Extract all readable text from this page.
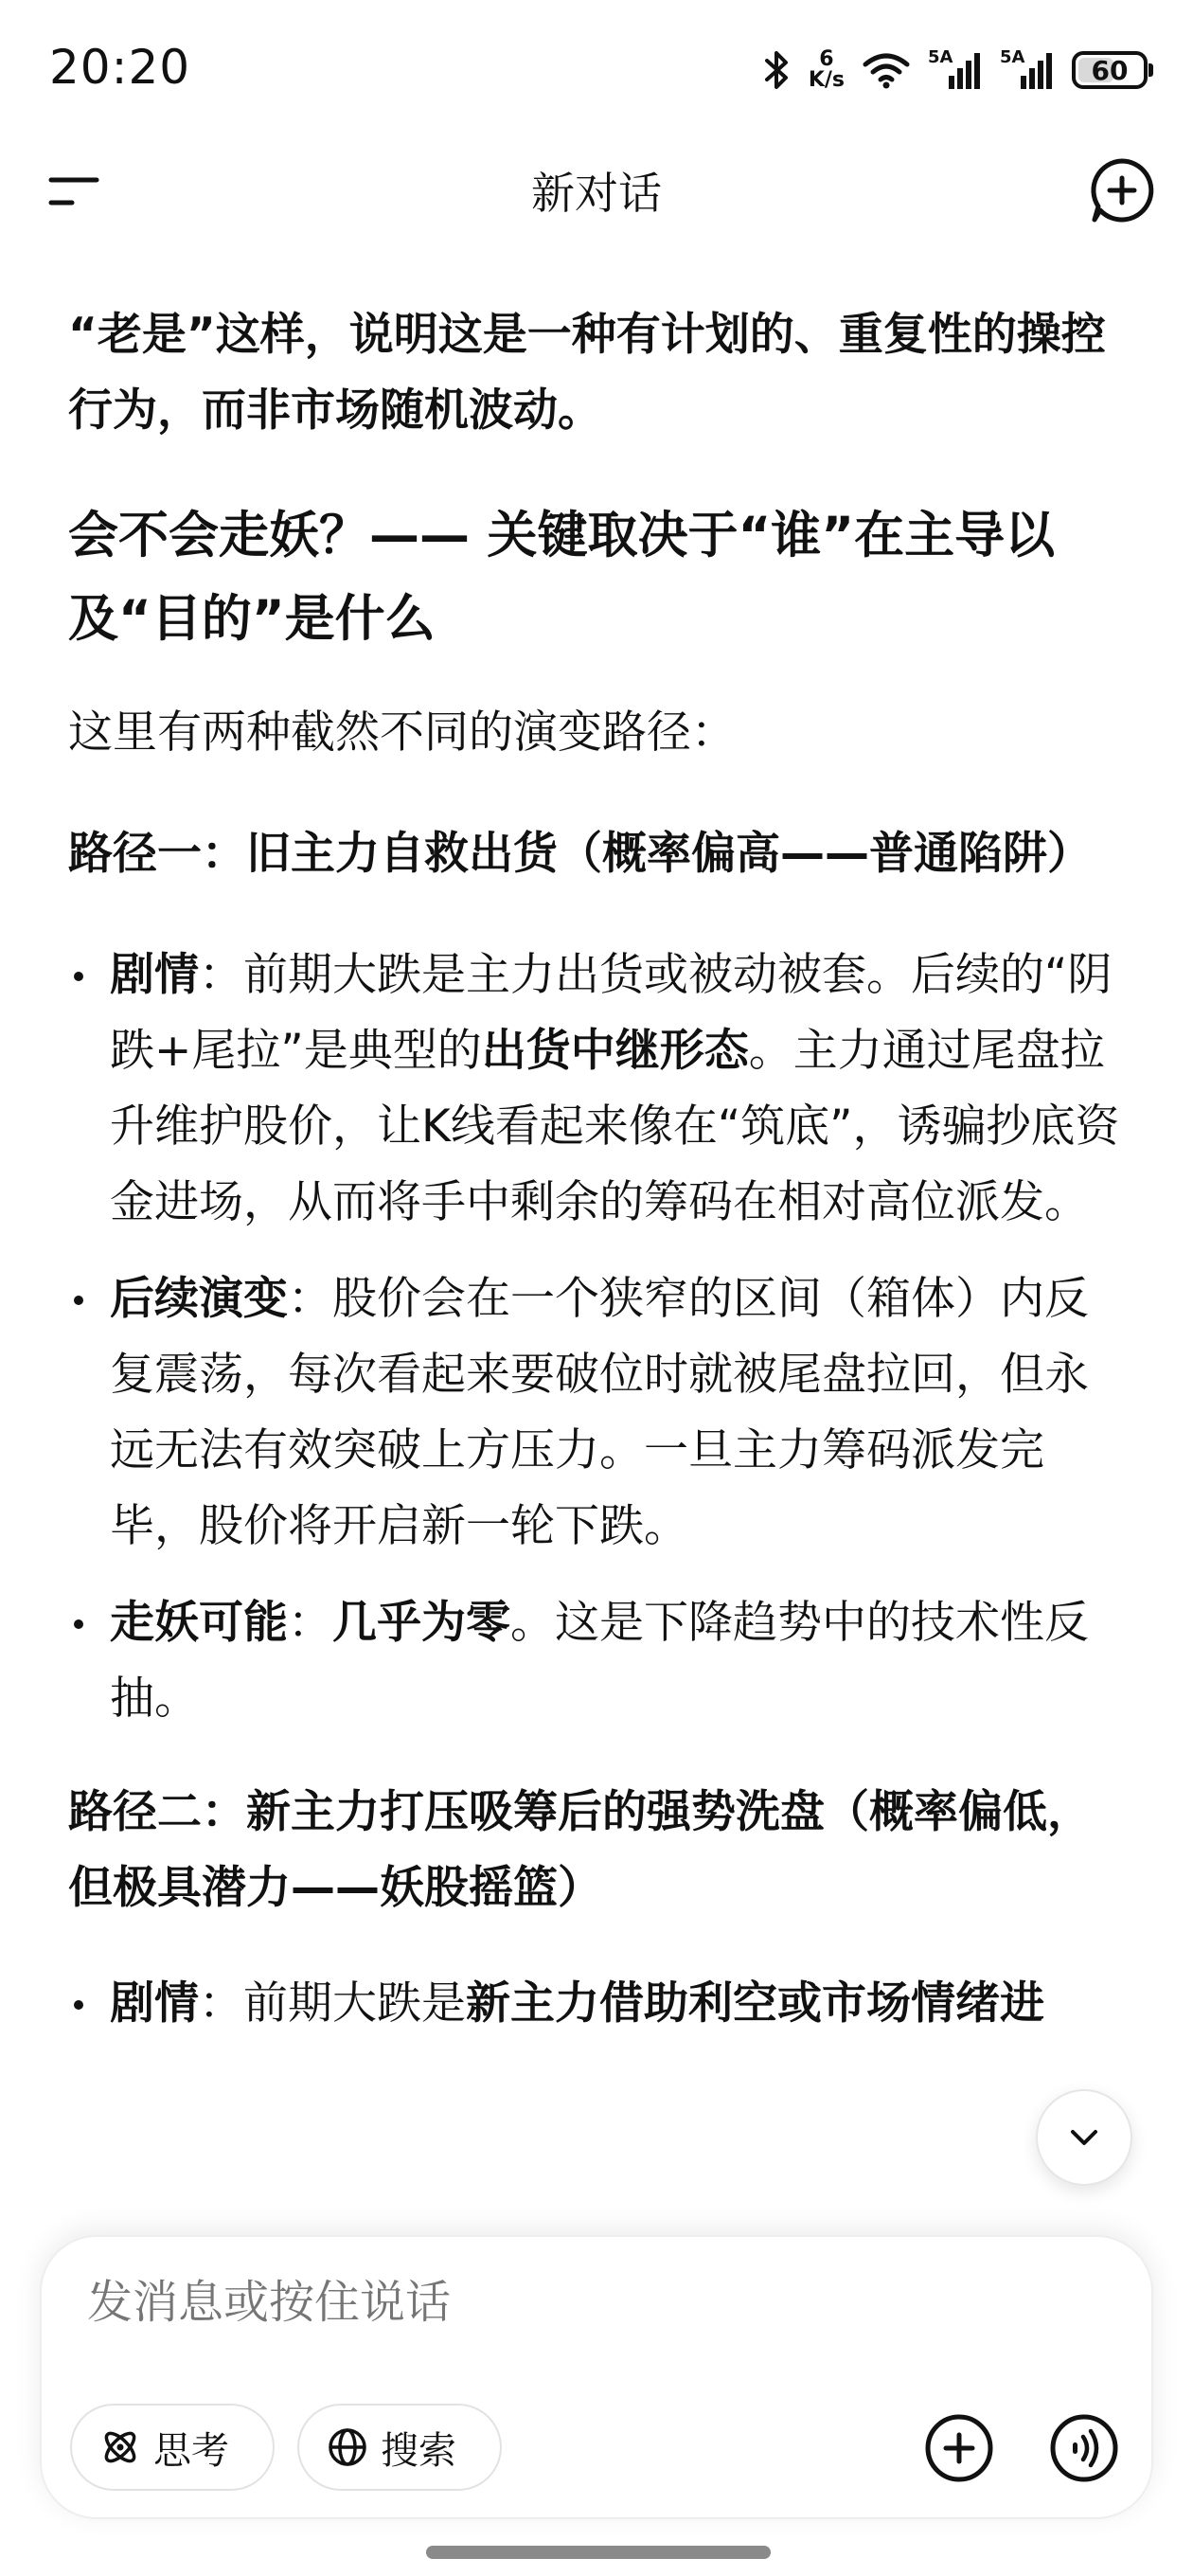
20:20	6
K/s
5A	5A	60
新对话

“老是”这样，说明这是一种有计划的、重复性的操控行为，而非市场随机波动。

会不会走妖？—— 关键取决于“谁”在主导以及“目的”是什么

这里有两种截然不同的演变路径：

路径一：旧主力自救出货（概率偏高——普通陷阱）

剧情：前期大跌是主力出货或被动被套。后续的“阴跌+尾拉”是典型的出货中继形态。主力通过尾盘拉升维护股价，让K线看起来像在“筑底”，诱骗抄底资金进场，从而将手中剩余的筹码在相对高位派发。
后续演变：股价会在一个狭窄的区间（箱体）内反复震荡，每次看起来要破位时就被尾盘拉回，但永远无法有效突破上方压力。一旦主力筹码派发完毕，股价将开启新一轮下跌。
走妖可能：几乎为零。这是下降趋势中的技术性反抽。

路径二：新主力打压吸筹后的强势洗盘（概率偏低，但极具潜力——妖股摇篮）

剧情：前期大跌是新主力借助利空或市场情绪进
发消息或按住说话
思考	搜索
